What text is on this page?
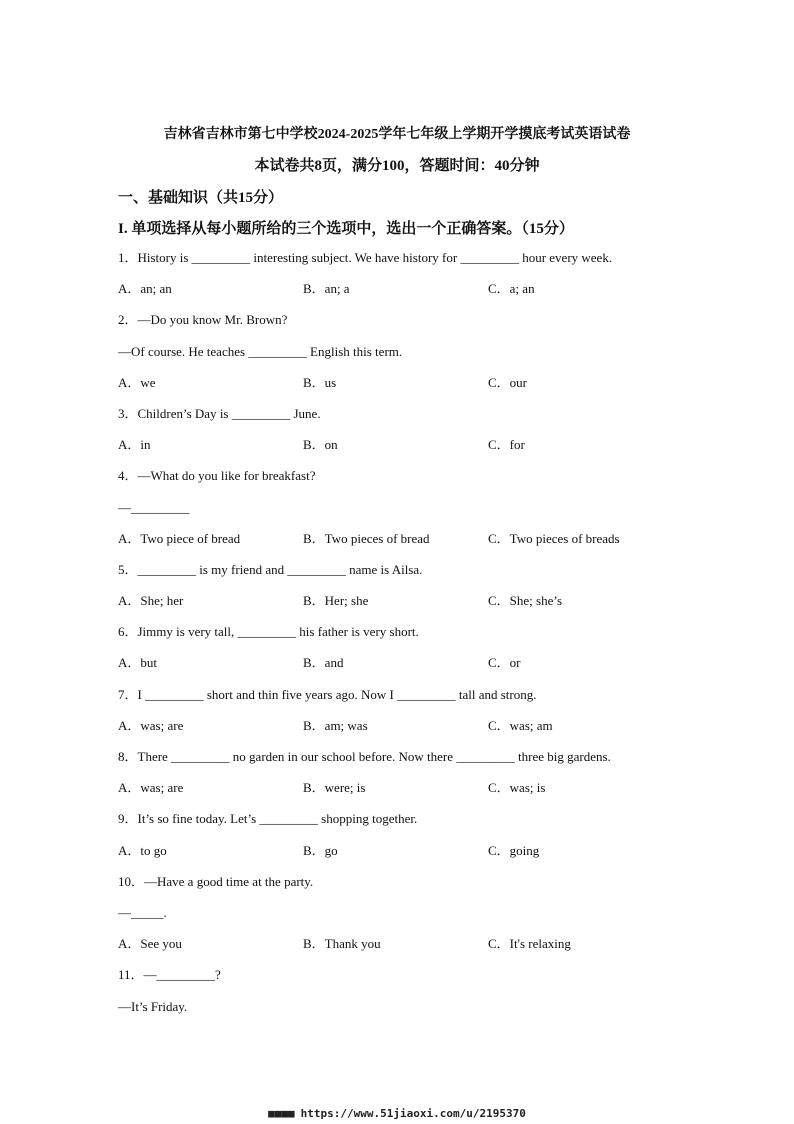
吉林省吉林市第七中学校2024-2025学年七年级上学期开学摸底考试英语试卷
本试卷共8页，满分100，答题时间：40分钟
一、基础知识（共15分）
I. 单项选择从每小题所给的三个选项中，选出一个正确答案。（15分）
1．History is _________ interesting subject. We have history for _________ hour every week.
A．an; an	B．an; a	C．a; an
2．—Do you know Mr. Brown?
—Of course. He teaches _________ English this term.
A．we	B．us	C．our
3．Children’s Day is _________ June.
A．in	B．on	C．for
4．—What do you like for breakfast?
—_________
A．Two piece of bread	B．Two pieces of bread	C．Two pieces of breads
5．_________ is my friend and _________ name is Ailsa.
A．She; her	B．Her; she	C．She; she’s
6．Jimmy is very tall, _________ his father is very short.
A．but	B．and	C．or
7．I _________ short and thin five years ago. Now I _________ tall and strong.
A．was; are	B．am; was	C．was; am
8．There _________ no garden in our school before. Now there _________ three big gardens.
A．was; are	B．were; is	C．was; is
9．It’s so fine today. Let’s _________ shopping together.
A．to go	B．go	C．going
10．—Have a good time at the party.
—_____.
A．See you	B．Thank you	C．It's relaxing
11．—_________?
—It’s Friday.
■■■■ https://www.51jiaoxi.com/u/2195370
